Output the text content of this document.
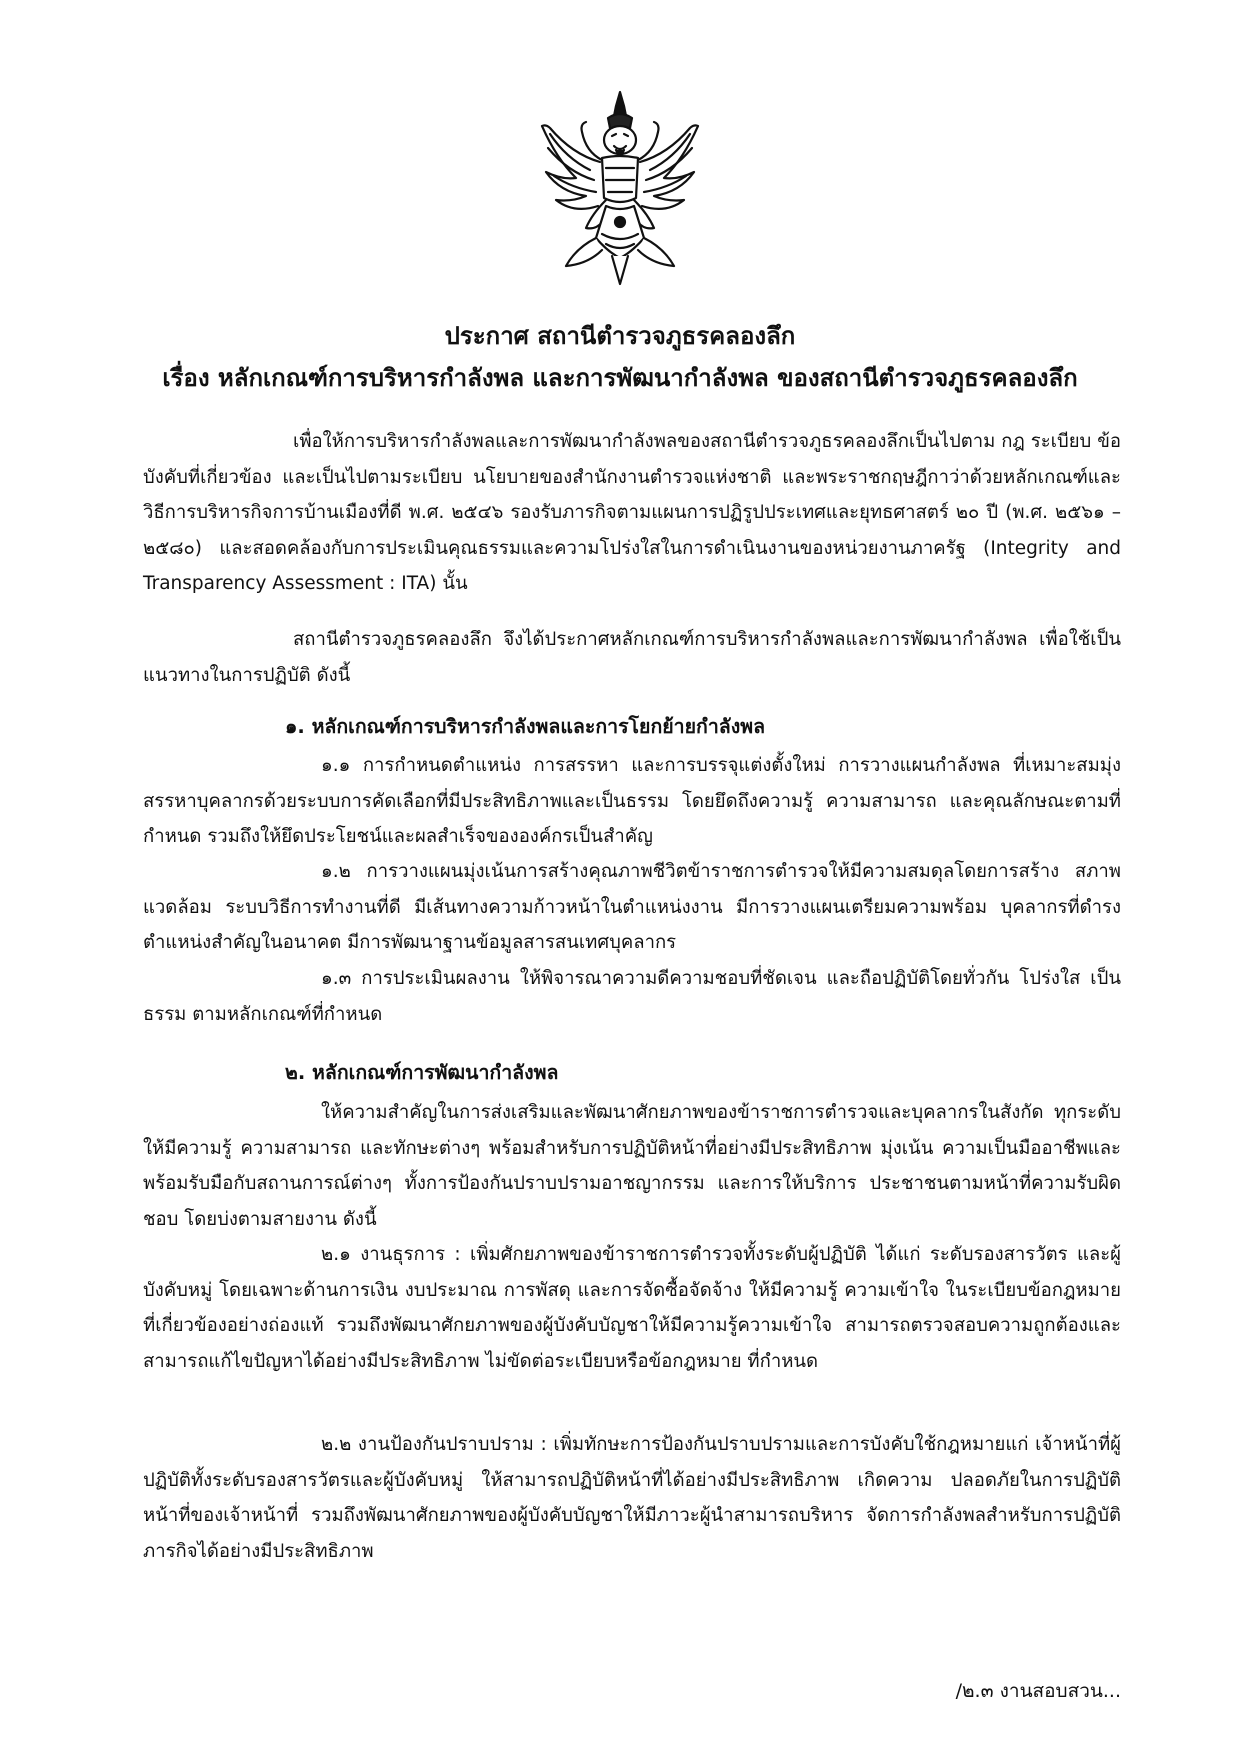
ประกาศ สถานีตำรวจภูธรคลองลึก
เรื่อง หลักเกณฑ์การบริหารกำลังพล และการพัฒนากำลังพล ของสถานีตำรวจภูธรคลองลึก
เพื่อให้การบริหารกำลังพลและการพัฒนากำลังพลของสถานีตำรวจภูธรคลองลึกเป็นไปตาม กฎ ระเบียบ ข้อบังคับที่เกี่ยวข้อง และเป็นไปตามระเบียบ นโยบายของสำนักงานตำรวจแห่งชาติ และพระราชกฤษฎีกาว่าด้วยหลักเกณฑ์และวิธีการบริหารกิจการบ้านเมืองที่ดี พ.ศ. ๒๕๔๖ รองรับภารกิจตามแผนการปฏิรูปประเทศและยุทธศาสตร์ ๒๐ ปี (พ.ศ. ๒๕๖๑ – ๒๕๘๐) และสอดคล้องกับการประเมินคุณธรรมและความโปร่งใสในการดำเนินงานของหน่วยงานภาครัฐ (Integrity and Transparency Assessment : ITA) นั้น
สถานีตำรวจภูธรคลองลึก จึงได้ประกาศหลักเกณฑ์การบริหารกำลังพลและการพัฒนากำลังพล เพื่อใช้เป็นแนวทางในการปฏิบัติ ดังนี้
๑. หลักเกณฑ์การบริหารกำลังพลและการโยกย้ายกำลังพล
๑.๑ การกำหนดตำแหน่ง การสรรหา และการบรรจุแต่งตั้งใหม่ การวางแผนกำลังพล ที่เหมาะสมมุ่งสรรหาบุคลากรด้วยระบบการคัดเลือกที่มีประสิทธิภาพและเป็นธรรม โดยยึดถึงความรู้ ความสามารถ และคุณลักษณะตามที่กำหนด รวมถึงให้ยึดประโยชน์และผลสำเร็จขององค์กรเป็นสำคัญ
๑.๒ การวางแผนมุ่งเน้นการสร้างคุณภาพชีวิตข้าราชการตำรวจให้มีความสมดุลโดยการสร้าง สภาพแวดล้อม ระบบวิธีการทำงานที่ดี มีเส้นทางความก้าวหน้าในตำแหน่งงาน มีการวางแผนเตรียมความพร้อม บุคลากรที่ดำรงตำแหน่งสำคัญในอนาคต มีการพัฒนาฐานข้อมูลสารสนเทศบุคลากร
๑.๓ การประเมินผลงาน ให้พิจารณาความดีความชอบที่ชัดเจน และถือปฏิบัติโดยทั่วกัน โปร่งใส เป็นธรรม ตามหลักเกณฑ์ที่กำหนด
๒. หลักเกณฑ์การพัฒนากำลังพล
ให้ความสำคัญในการส่งเสริมและพัฒนาศักยภาพของข้าราชการตำรวจและบุคลากรในสังกัด ทุกระดับ ให้มีความรู้ ความสามารถ และทักษะต่างๆ พร้อมสำหรับการปฏิบัติหน้าที่อย่างมีประสิทธิภาพ มุ่งเน้น ความเป็นมืออาชีพและพร้อมรับมือกับสถานการณ์ต่างๆ ทั้งการป้องกันปราบปรามอาชญากรรม และการให้บริการ ประชาชนตามหน้าที่ความรับผิดชอบ โดยบ่งตามสายงาน ดังนี้
๒.๑ งานธุรการ : เพิ่มศักยภาพของข้าราชการตำรวจทั้งระดับผู้ปฏิบัติ ได้แก่ ระดับรองสารวัตร และผู้บังคับหมู่ โดยเฉพาะด้านการเงิน งบประมาณ การพัสดุ และการจัดซื้อจัดจ้าง ให้มีความรู้ ความเข้าใจ ในระเบียบข้อกฎหมายที่เกี่ยวข้องอย่างถ่องแท้ รวมถึงพัฒนาศักยภาพของผู้บังคับบัญชาให้มีความรู้ความเข้าใจ สามารถตรวจสอบความถูกต้องและสามารถแก้ไขปัญหาได้อย่างมีประสิทธิภาพ ไม่ขัดต่อระเบียบหรือข้อกฎหมาย ที่กำหนด
๒.๒ งานป้องกันปราบปราม : เพิ่มทักษะการป้องกันปราบปรามและการบังคับใช้กฎหมายแก่ เจ้าหน้าที่ผู้ปฏิบัติทั้งระดับรองสารวัตรและผู้บังคับหมู่ ให้สามารถปฏิบัติหน้าที่ได้อย่างมีประสิทธิภาพ เกิดความ ปลอดภัยในการปฏิบัติหน้าที่ของเจ้าหน้าที่ รวมถึงพัฒนาศักยภาพของผู้บังคับบัญชาให้มีภาวะผู้นำสามารถบริหาร จัดการกำลังพลสำหรับการปฏิบัติภารกิจได้อย่างมีประสิทธิภาพ
/๒.๓ งานสอบสวน...
